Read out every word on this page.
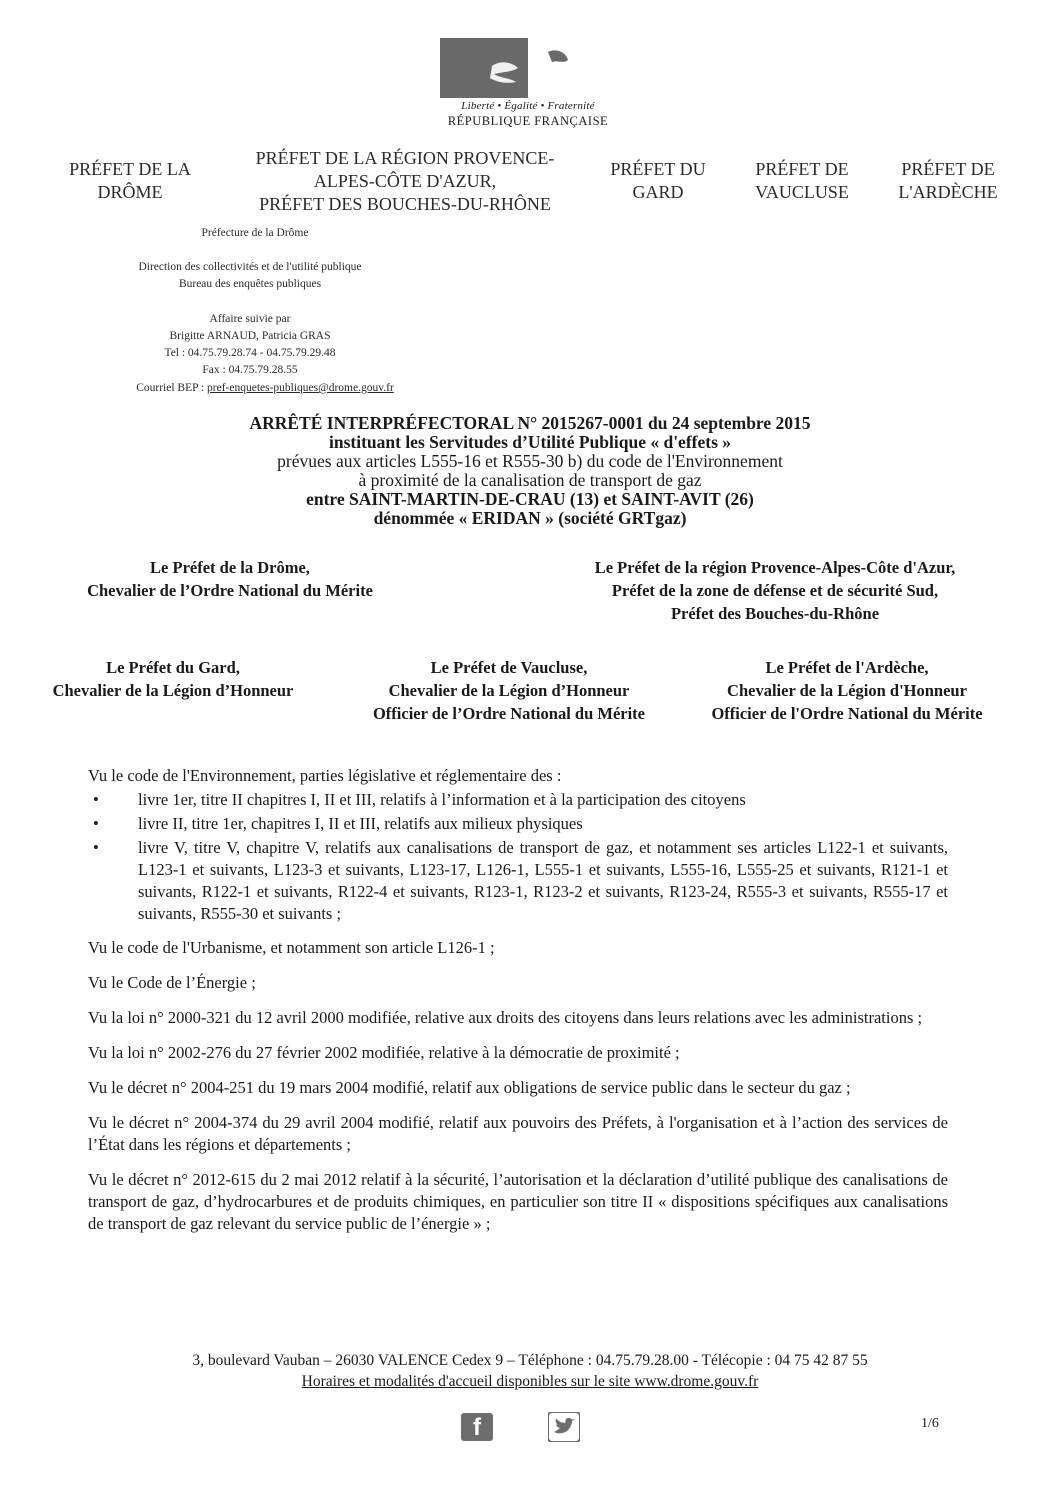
Liberté • Égalité • Fraternité
RÉPUBLIQUE FRANÇAISE
PRÉFET DE LA
DRÔME
PRÉFET DE LA RÉGION PROVENCE-
ALPES-CÔTE D'AZUR,
PRÉFET DES BOUCHES-DU-RHÔNE
PRÉFET DU
GARD
PRÉFET DE
VAUCLUSE
PRÉFET DE
L'ARDÈCHE
Préfecture de la Drôme
Direction des collectivités et de l'utilité publique
Bureau des enquêtes publiques
Affaire suivie par
Brigitte ARNAUD, Patricia GRAS
Tel : 04.75.79.28.74 - 04.75.79.29.48
Fax : 04.75.79.28.55
Courriel BEP : pref-enquetes-publiques@drome.gouv.fr
ARRÊTÉ INTERPRÉFECTORAL N° 2015267-0001 du 24 septembre 2015
instituant les Servitudes d’Utilité Publique « d'effets »
prévues aux articles L555-16 et R555-30 b) du code de l'Environnement
à proximité de la canalisation de transport de gaz
entre SAINT-MARTIN-DE-CRAU (13) et SAINT-AVIT (26)
dénommée « ERIDAN » (société GRTgaz)
Le Préfet de la Drôme,
Chevalier de l’Ordre National du Mérite
Le Préfet de la région Provence-Alpes-Côte d'Azur,
Préfet de la zone de défense et de sécurité Sud,
Préfet des Bouches-du-Rhône
Le Préfet du Gard,
Chevalier de la Légion d’Honneur
Le Préfet de Vaucluse,
Chevalier de la Légion d’Honneur
Officier de l’Ordre National du Mérite
Le Préfet de l'Ardèche,
Chevalier de la Légion d'Honneur
Officier de l'Ordre National du Mérite
Vu le code de l'Environnement, parties législative et réglementaire des :
• livre 1er, titre II chapitres I, II et III, relatifs à l’information et à la participation des citoyens
• livre II, titre 1er, chapitres I, II et III, relatifs aux milieux physiques
• livre V, titre V, chapitre V, relatifs aux canalisations de transport de gaz, et notamment ses articles L122-1 et suivants, L123-1 et suivants, L123-3 et suivants, L123-17, L126-1, L555-1 et suivants, L555-16, L555-25 et suivants, R121-1 et suivants, R122-1 et suivants, R122-4 et suivants, R123-1, R123-2 et suivants, R123-24, R555-3 et suivants, R555-17 et suivants, R555-30 et suivants ;

Vu le code de l'Urbanisme, et notamment son article L126-1 ;

Vu le Code de l’Énergie ;

Vu la loi n° 2000-321 du 12 avril 2000 modifiée, relative aux droits des citoyens dans leurs relations avec les administrations ;

Vu la loi n° 2002-276 du 27 février 2002 modifiée, relative à la démocratie de proximité ;

Vu le décret n° 2004-251 du 19 mars 2004 modifié, relatif aux obligations de service public dans le secteur du gaz ;

Vu le décret n° 2004-374 du 29 avril 2004 modifié, relatif aux pouvoirs des Préfets, à l'organisation et à l’action des services de l’État dans les régions et départements ;

Vu le décret n° 2012-615 du 2 mai 2012 relatif à la sécurité, l’autorisation et la déclaration d’utilité publique des canalisations de transport de gaz, d’hydrocarbures et de produits chimiques, en particulier son titre II « dispositions spécifiques aux canalisations de transport de gaz relevant du service public de l’énergie » ;

3, boulevard Vauban – 26030 VALENCE Cedex 9 – Téléphone : 04.75.79.28.00 - Télécopie : 04 75 42 87 55
Horaires et modalités d'accueil disponibles sur le site www.drome.gouv.fr
f	1/6
